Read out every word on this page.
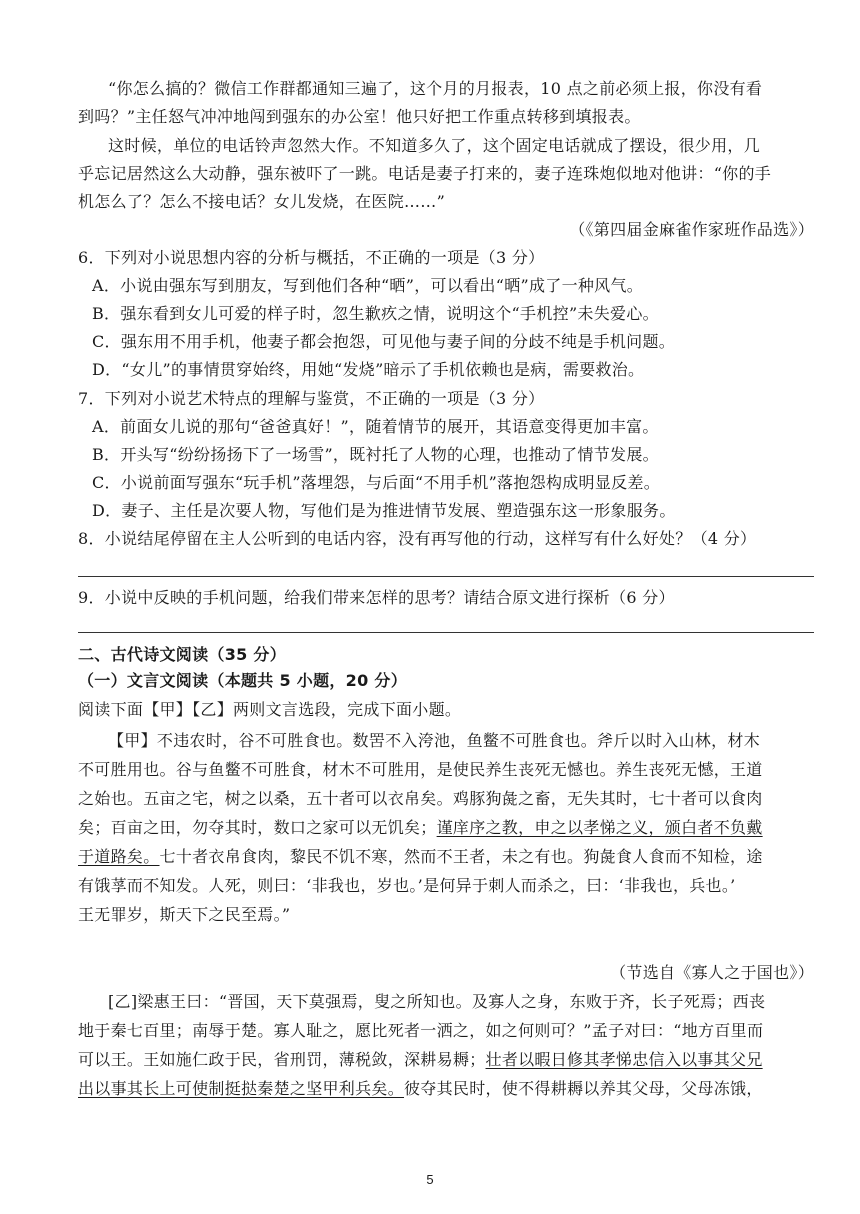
“你怎么搞的？微信工作群都通知三遍了，这个月的月报表，10 点之前必须上报，你没有看
到吗？”主任怒气冲冲地闯到强东的办公室！他只好把工作重点转移到填报表。
这时候，单位的电话铃声忽然大作。不知道多久了，这个固定电话就成了摆设，很少用，几
乎忘记居然这么大动静，强东被吓了一跳。电话是妻子打来的，妻子连珠炮似地对他讲：“你的手
机怎么了？怎么不接电话？女儿发烧，在医院……”
（《第四届金麻雀作家班作品选》）
6．下列对小说思想内容的分析与概括，不正确的一项是（3 分）
A．小说由强东写到朋友，写到他们各种“晒”，可以看出“晒”成了一种风气。
B．强东看到女儿可爱的样子时，忽生歉疚之情，说明这个“手机控”未失爱心。
C．强东用不用手机，他妻子都会抱怨，可见他与妻子间的分歧不纯是手机问题。
D．“女儿”的事情贯穿始终，用她“发烧”暗示了手机依赖也是病，需要救治。
7．下列对小说艺术特点的理解与鉴赏，不正确的一项是（3 分）
A．前面女儿说的那句“爸爸真好！”，随着情节的展开，其语意变得更加丰富。
B．开头写“纷纷扬扬下了一场雪”，既衬托了人物的心理，也推动了情节发展。
C．小说前面写强东“玩手机”落埋怨，与后面“不用手机”落抱怨构成明显反差。
D．妻子、主任是次要人物，写他们是为推进情节发展、塑造强东这一形象服务。
8．小说结尾停留在主人公听到的电话内容，没有再写他的行动，这样写有什么好处？（4 分）
9．小说中反映的手机问题，给我们带来怎样的思考？请结合原文进行探析（6 分）
二、古代诗文阅读（35 分）
（一）文言文阅读（本题共 5 小题，20 分）
阅读下面【甲】【乙】两则文言选段，完成下面小题。
【甲】不违农时，谷不可胜食也。数罟不入洿池，鱼鳖不可胜食也。斧斤以时入山林，材木
不可胜用也。谷与鱼鳖不可胜食，材木不可胜用，是使民养生丧死无憾也。养生丧死无憾，王道
之始也。五亩之宅，树之以桑，五十者可以衣帛矣。鸡豚狗彘之畜，无失其时，七十者可以食肉
矣；百亩之田，勿夺其时，数口之家可以无饥矣；谨庠序之教，申之以孝悌之义，颁白者不负戴
于道路矣。七十者衣帛食肉，黎民不饥不寒，然而不王者，未之有也。狗彘食人食而不知检，途
有饿莩而不知发。人死，则曰：‘非我也，岁也。’是何异于刺人而杀之，曰：‘非我也，兵也。’
王无罪岁，斯天下之民至焉。”
（节选自《寡人之于国也》）
[乙]梁惠王曰：“晋国，天下莫强焉，叟之所知也。及寡人之身，东败于齐，长子死焉；西丧
地于秦七百里；南辱于楚。寡人耻之，愿比死者一洒之，如之何则可？”孟子对曰：“地方百里而
可以王。王如施仁政于民，省刑罚，薄税敛，深耕易耨；壮者以暇日修其孝悌忠信入以事其父兄
出以事其长上可使制挺挞秦楚之坚甲利兵矣。彼夺其民时，使不得耕耨以养其父母，父母冻饿，
5
